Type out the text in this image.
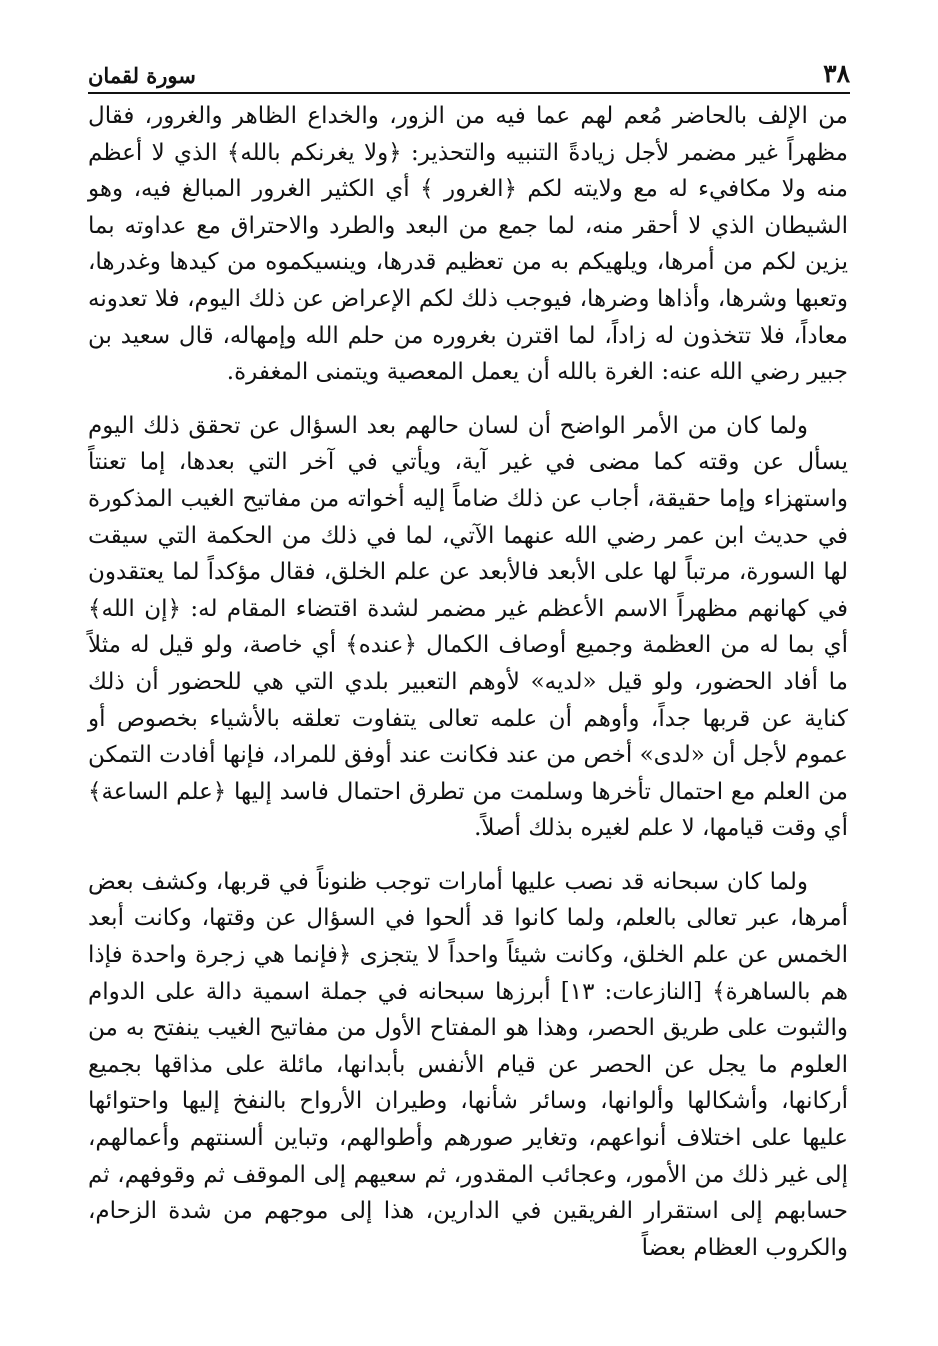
٣٨
سورة لقمان

من الإلف بالحاضر مُعم لهم عما فيه من الزور، والخداع الظاهر والغرور، فقال مظهراً غير مضمر لأجل زيادةً التنبيه والتحذير: ﴿ولا يغرنكم بالله﴾ الذي لا أعظم منه ولا مكافيء له مع ولايته لكم ﴿الغرور ﴾ أي الكثير الغرور المبالغ فيه، وهو الشيطان الذي لا أحقر منه، لما جمع من البعد والطرد والاحتراق مع عداوته بما يزين لكم من أمرها، ويلهيكم به من تعظيم قدرها، وينسيكموه من كيدها وغدرها، وتعبها وشرها، وأذاها وضرها، فيوجب ذلك لكم الإعراض عن ذلك اليوم، فلا تعدونه معاداً، فلا تتخذون له زاداً، لما اقترن بغروره من حلم الله وإمهاله، قال سعيد بن جبير رضي الله عنه: الغرة بالله أن يعمل المعصية ويتمنى المغفرة.

ولما كان من الأمر الواضح أن لسان حالهم بعد السؤال عن تحقق ذلك اليوم يسأل عن وقته كما مضى في غير آية، ويأتي في آخر التي بعدها، إما تعنتاً واستهزاء وإما حقيقة، أجاب عن ذلك ضاماً إليه أخواته من مفاتيح الغيب المذكورة في حديث ابن عمر رضي الله عنهما الآتي، لما في ذلك من الحكمة التي سيقت لها السورة، مرتباً لها على الأبعد فالأبعد عن علم الخلق، فقال مؤكداً لما يعتقدون في كهانهم مظهراً الاسم الأعظم غير مضمر لشدة اقتضاء المقام له: ﴿إن الله﴾ أي بما له من العظمة وجميع أوصاف الكمال ﴿عنده﴾ أي خاصة، ولو قيل له مثلاً ما أفاد الحضور، ولو قيل «لديه» لأوهم التعبير بلدي التي هي للحضور أن ذلك كناية عن قربها جداً، وأوهم أن علمه تعالى يتفاوت تعلقه بالأشياء بخصوص أو عموم لأجل أن «لدى» أخص من عند فكانت عند أوفق للمراد، فإنها أفادت التمكن من العلم مع احتمال تأخرها وسلمت من تطرق احتمال فاسد إليها ﴿علم الساعة﴾ أي وقت قيامها، لا علم لغيره بذلك أصلاً.

ولما كان سبحانه قد نصب عليها أمارات توجب ظنوناً في قربها، وكشف بعض أمرها، عبر تعالى بالعلم، ولما كانوا قد ألحوا في السؤال عن وقتها، وكانت أبعد الخمس عن علم الخلق، وكانت شيئاً واحداً لا يتجزى ﴿فإنما هي زجرة واحدة فإذا هم بالساهرة﴾ [النازعات: ١٣] أبرزها سبحانه في جملة اسمية دالة على الدوام والثبوت على طريق الحصر، وهذا هو المفتاح الأول من مفاتيح الغيب ينفتح به من العلوم ما يجل عن الحصر عن قيام الأنفس بأبدانها، مائلة على مذاقها بجميع أركانها، وأشكالها وألوانها، وسائر شأنها، وطيران الأرواح بالنفخ إليها واحتوائها عليها على اختلاف أنواعهم، وتغاير صورهم وأطوالهم، وتباين ألسنتهم وأعمالهم، إلى غير ذلك من الأمور، وعجائب المقدور، ثم سعيهم إلى الموقف ثم وقوفهم، ثم حسابهم إلى استقرار الفريقين في الدارين، هذا إلى موجهم من شدة الزحام، والكروب العظام بعضاً
